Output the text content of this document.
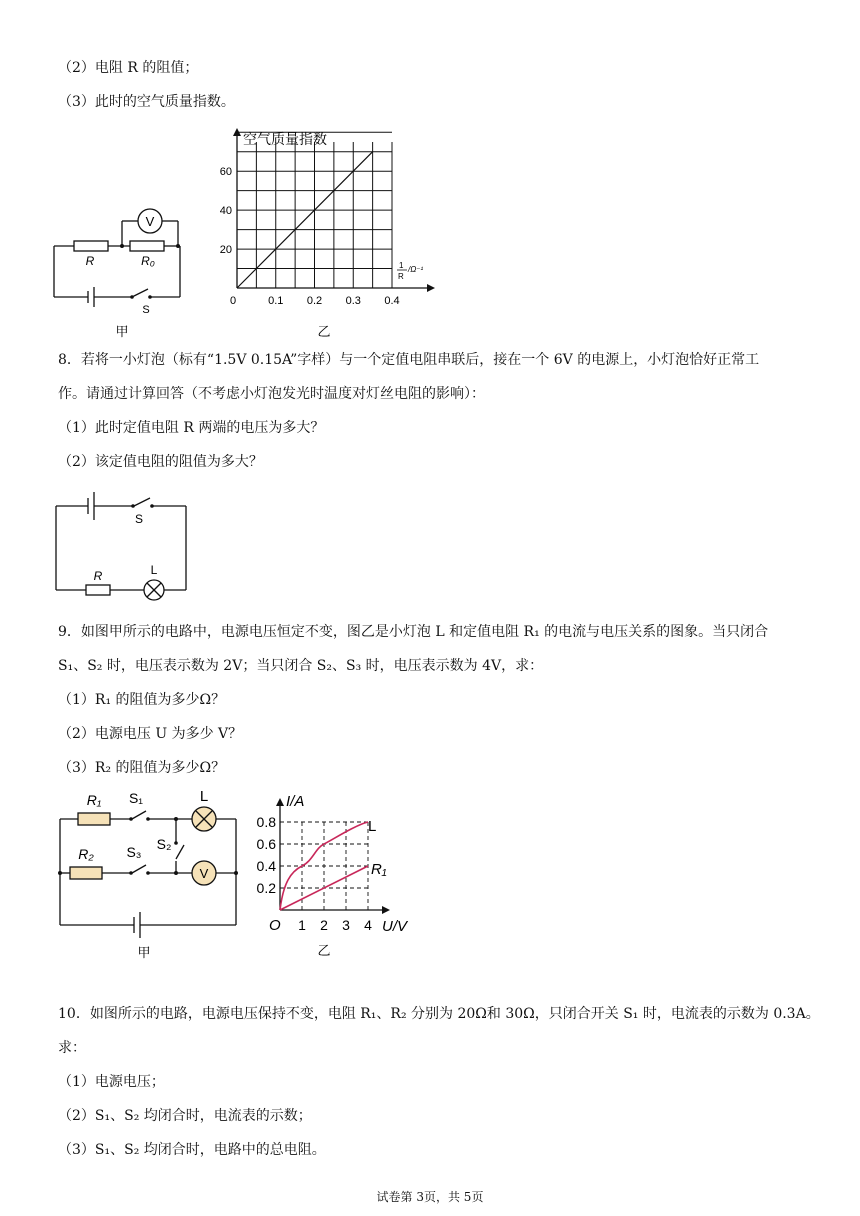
（2）电阻 R 的阻值；
（3）此时的空气质量指数。
V
R	R₀
S
甲
20
40
60
0	0.1 0.2 0.3 0.4
空气质量指数
1
R
/Ω⁻¹
乙
8．若将一小灯泡（标有“1.5V 0.15A”字样）与一个定值电阻串联后，接在一个 6V 的电源上，小灯泡恰好正常工
作。请通过计算回答（不考虑小灯泡发光时温度对灯丝电阻的影响）：
（1）此时定值电阻 R 两端的电压为多大？
（2）该定值电阻的阻值为多大？
S
R	L
9．如图甲所示的电路中，电源电压恒定不变，图乙是小灯泡 L 和定值电阻 R₁ 的电流与电压关系的图象。当只闭合
S₁、S₂ 时，电压表示数为 2V；当只闭合 S₂、S₃ 时，电压表示数为 4V，求：
（1）R₁ 的阻值为多少Ω？
（2）电源电压 U 为多少 V？
（3）R₂ 的阻值为多少Ω？
R₁ S₁	L
R₂ S₃ S₂
V
甲
0.2
0.4
0.6
0.8
1 2 3 4
I/A
U/V
O
L
R₁
乙
10．如图所示的电路，电源电压保持不变，电阻 R₁、R₂ 分别为 20Ω和 30Ω，只闭合开关 S₁ 时，电流表的示数为 0.3A。
求：
（1）电源电压；
（2）S₁、S₂ 均闭合时，电流表的示数；
（3）S₁、S₂ 均闭合时，电路中的总电阻。
试卷第 3页，共 5页
